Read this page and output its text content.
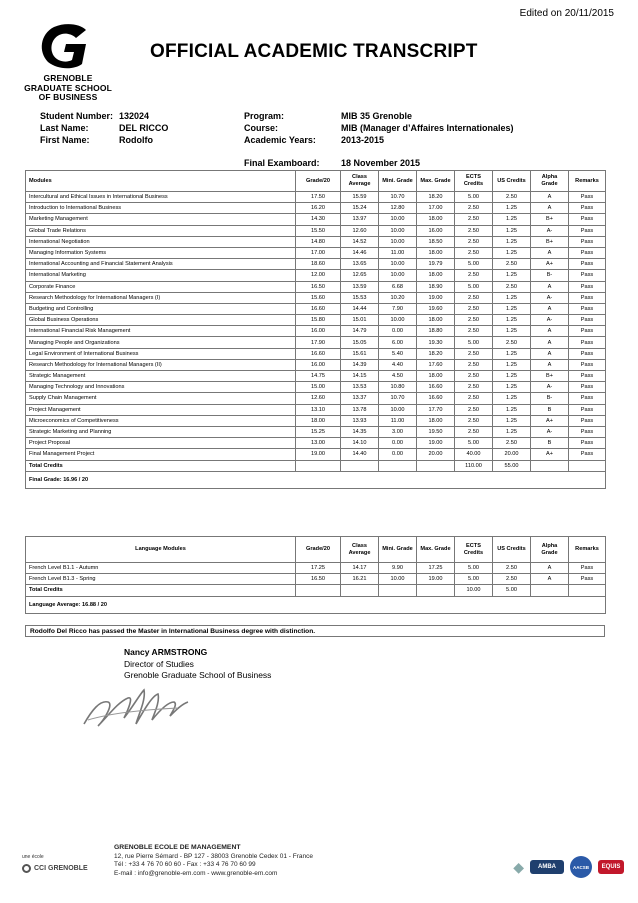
Edited on 20/11/2015
GRENOBLE
GRADUATE SCHOOL
OF BUSINESS
OFFICIAL ACADEMIC TRANSCRIPT
Student Number: 132024	Program:	MIB 35 Grenoble
Last Name:	DEL RICCO	Course:	MIB (Manager d’Affaires Internationales)
First Name:	Rodolfo	Academic Years:	2013-2015
Final Examboard:	18 November 2015
Modules	Grade/20	Class Average	Mini. Grade	Max. Grade	ECTS Credits	US Credits	Alpha Grade	Remarks
Intercultural and Ethical Issues in International Business	17.50	15.59	10.70	18.20	5.00	2.50	A	Pass
Introduction to International Business	16.20	15.24	12.80	17.00	2.50	1.25	A	Pass
Marketing Management	14.30	13.97	10.00	18.00	2.50	1.25	B+	Pass
Global Trade Relations	15.50	12.60	10.00	16.00	2.50	1.25	A-	Pass
International Negotiation	14.80	14.52	10.00	18.50	2.50	1.25	B+	Pass
Managing Information Systems	17.00	14.46	11.00	18.00	2.50	1.25	A	Pass
International Accounting and Financial Statement Analysis	18.60	13.65	10.00	19.79	5.00	2.50	A+	Pass
International Marketing	12.00	12.65	10.00	18.00	2.50	1.25	B-	Pass
Corporate Finance	16.50	13.59	6.68	18.90	5.00	2.50	A	Pass
Research Methodology for International Managers (I)	15.60	15.53	10.20	19.00	2.50	1.25	A-	Pass
Budgeting and Controlling	16.60	14.44	7.90	19.60	2.50	1.25	A	Pass
Global Business Operations	15.80	15.01	10.00	18.00	2.50	1.25	A-	Pass
International Financial Risk Management	16.00	14.79	0.00	18.80	2.50	1.25	A	Pass
Managing People and Organizations	17.90	15.05	6.00	19.30	5.00	2.50	A	Pass
Legal Environment of International Business	16.60	15.61	5.40	18.20	2.50	1.25	A	Pass
Research Methodology for International Managers (II)	16.00	14.39	4.40	17.60	2.50	1.25	A	Pass
Strategic Management	14.75	14.15	4.50	18.00	2.50	1.25	B+	Pass
Managing Technology and Innovations	15.00	13.53	10.80	16.60	2.50	1.25	A-	Pass
Supply Chain Management	12.60	13.37	10.70	16.60	2.50	1.25	B-	Pass
Project Management	13.10	13.78	10.00	17.70	2.50	1.25	B	Pass
Microeconomics of Competitiveness	18.00	13.93	11.00	18.00	2.50	1.25	A+	Pass
Strategic Marketing and Planning	15.25	14.35	3.00	19.50	2.50	1.25	A-	Pass
Project Proposal	13.00	14.10	0.00	19.00	5.00	2.50	B	Pass
Final Management Project	19.00	14.40	0.00	20.00	40.00	20.00	A+	Pass
Total Credits					110.00	55.00		
Final Grade: 16.96 / 20								
Language Modules	Grade/20	Class Average	Mini. Grade	Max. Grade	ECTS Credits	US Credits	Alpha Grade	Remarks
French Level B1.1 - Autumn	17.25	14.17	9.90	17.25	5.00	2.50	A	Pass
French Level B1.3 - Spring	16.50	16.21	10.00	19.00	5.00	2.50	A	Pass
Total Credits					10.00	5.00		
Language Average: 16.88 / 20								
Rodolfo Del Ricco has passed the Master in International Business degree with distinction.
Nancy ARMSTRONG
Director of Studies
Grenoble Graduate School of Business
une école
CCI GRENOBLE
GRENOBLE ECOLE DE MANAGEMENT
12, rue Pierre Sémard - BP 127 - 38003 Grenoble Cedex 01 - France
Tél : +33 4 76 70 60 60 - Fax : +33 4 76 70 60 99
E-mail : info@grenoble-em.com - www.grenoble-em.com	◆	AMBA	AACSB	EQUIS
